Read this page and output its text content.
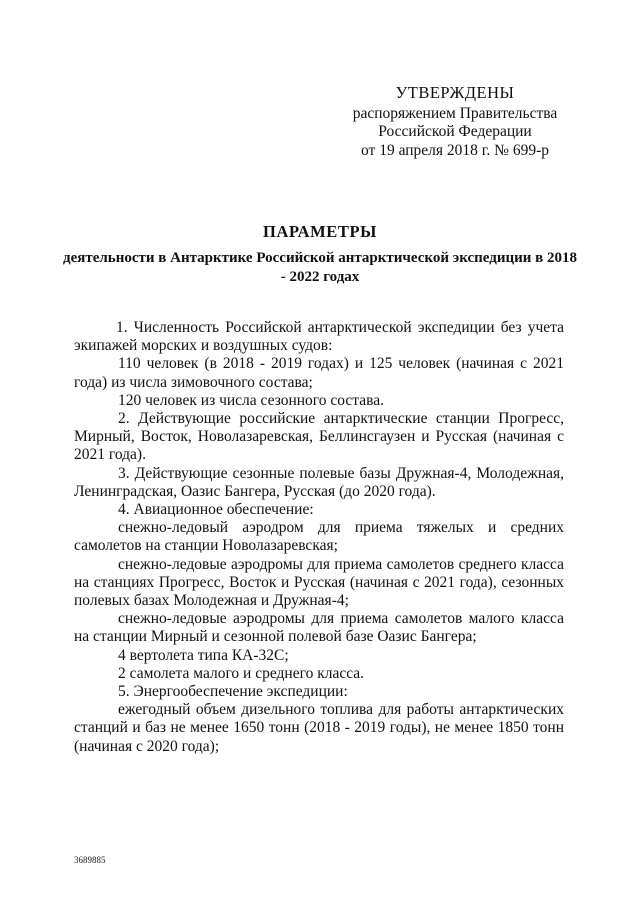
УТВЕРЖДЕНЫ
распоряжением Правительства
Российской Федерации
от 19 апреля 2018 г. № 699-р
ПАРАМЕТРЫ
деятельности в Антарктике Российской антарктической экспедиции в 2018 - 2022 годах

1. Численность Российской антарктической экспедиции без учета экипажей морских и воздушных судов:

110 человек (в 2018 - 2019 годах) и 125 человек (начиная с 2021 года) из числа зимовочного состава;

120 человек из числа сезонного состава.

2. Действующие российские антарктические станции Прогресс, Мирный, Восток, Новолазаревская, Беллинсгаузен и Русская (начиная с 2021 года).

3. Действующие сезонные полевые базы Дружная-4, Молодежная, Ленинградская, Оазис Бангера, Русская (до 2020 года).

4. Авиационное обеспечение:

снежно-ледовый аэродром для приема тяжелых и средних самолетов на станции Новолазаревская;

снежно-ледовые аэродромы для приема самолетов среднего класса на станциях Прогресс, Восток и Русская (начиная с 2021 года), сезонных полевых базах Молодежная и Дружная-4;

снежно-ледовые аэродромы для приема самолетов малого класса на станции Мирный и сезонной полевой базе Оазис Бангера;

4 вертолета типа КА-32С;

2 самолета малого и среднего класса.

5. Энергообеспечение экспедиции:

ежегодный объем дизельного топлива для работы антарктических станций и баз не менее 1650 тонн (2018 - 2019 годы), не менее 1850 тонн (начиная с 2020 года);

3689885
